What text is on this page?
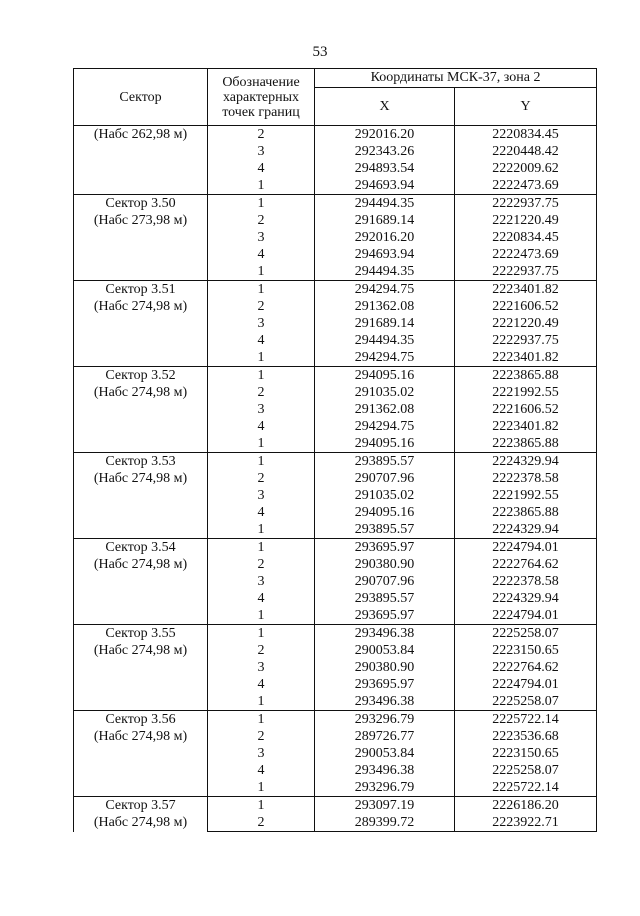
53
Сектор	Обозначение характерных точек границ	Координаты МСК-37, зона 2	
		X	Y

(Набс 262,98 м)	2	292016.20	2220834.45
	3	292343.26	2220448.42
	4	294893.54	2222009.62
	1	294693.94	2222473.69

Сектор 3.50
(Набс 273,98 м)	1	294494.35	2222937.75
	2	291689.14	2221220.49
	3	292016.20	2220834.45
	4	294693.94	2222473.69
	1	294494.35	2222937.75

Сектор 3.51
(Набс 274,98 м)	1	294294.75	2223401.82
	2	291362.08	2221606.52
	3	291689.14	2221220.49
	4	294494.35	2222937.75
	1	294294.75	2223401.82

Сектор 3.52
(Набс 274,98 м)	1	294095.16	2223865.88
	2	291035.02	2221992.55
	3	291362.08	2221606.52
	4	294294.75	2223401.82
	1	294095.16	2223865.88

Сектор 3.53
(Набс 274,98 м)	1	293895.57	2224329.94
	2	290707.96	2222378.58
	3	291035.02	2221992.55
	4	294095.16	2223865.88
	1	293895.57	2224329.94

Сектор 3.54
(Набс 274,98 м)	1	293695.97	2224794.01
	2	290380.90	2222764.62
	3	290707.96	2222378.58
	4	293895.57	2224329.94
	1	293695.97	2224794.01

Сектор 3.55
(Набс 274,98 м)	1	293496.38	2225258.07
	2	290053.84	2223150.65
	3	290380.90	2222764.62
	4	293695.97	2224794.01
	1	293496.38	2225258.07

Сектор 3.56
(Набс 274,98 м)	1	293296.79	2225722.14
	2	289726.77	2223536.68
	3	290053.84	2223150.65
	4	293496.38	2225258.07
	1	293296.79	2225722.14

Сектор 3.57
(Набс 274,98 м)	1	293097.19	2226186.20
	2	289399.72	2223922.71
